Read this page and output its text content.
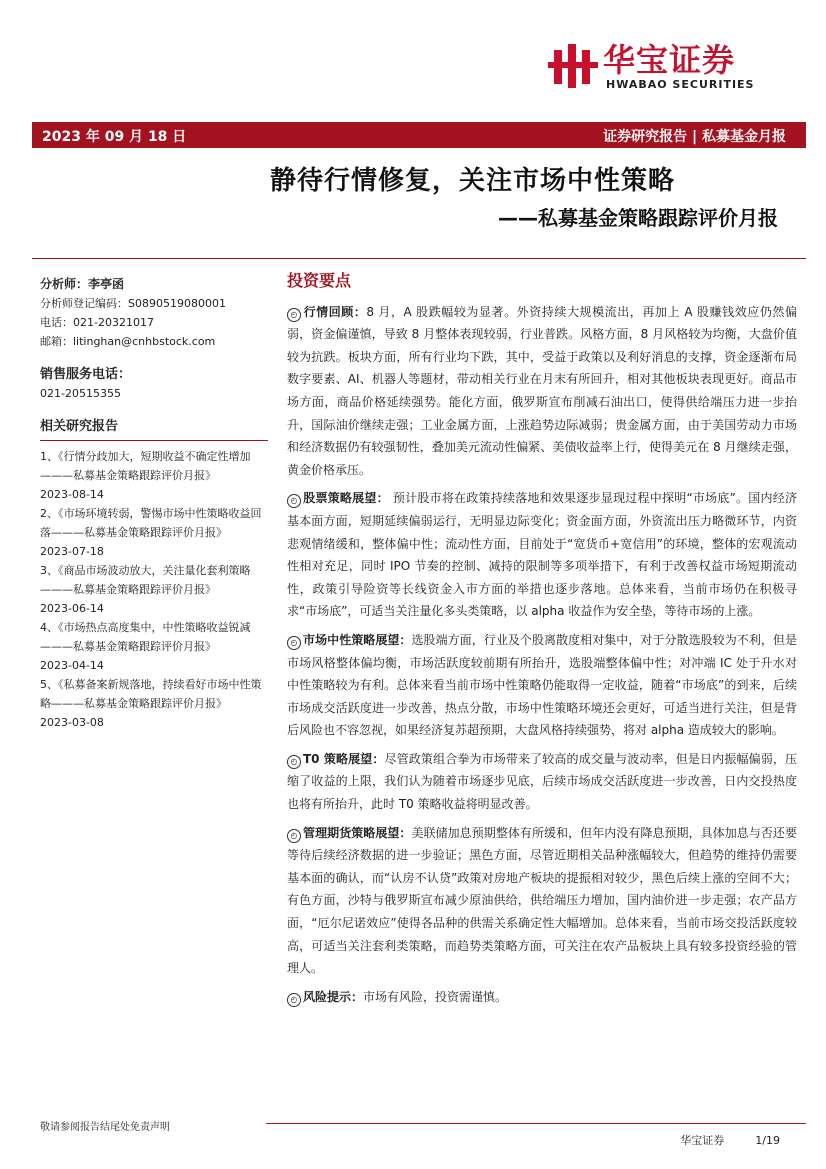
华宝证券
HWABAO SECURITIES
2023 年 09 月 18 日	证券研究报告 | 私募基金月报
静待行情修复，关注市场中性策略
——私募基金策略跟踪评价月报
分析师：李亭函
分析师登记编码：S0890519080001
电话：021-20321017
邮箱：litinghan@cnhbstock.com
销售服务电话：
021-20515355
相关研究报告
1、《行情分歧加大，短期收益不确定性增加———私募基金策略跟踪评价月报》
2023-08-14
2、《市场环境转弱，警惕市场中性策略收益回落———私募基金策略跟踪评价月报》
2023-07-18
3、《商品市场波动放大，关注量化套利策略———私募基金策略跟踪评价月报》
2023-06-14
4、《市场热点高度集中，中性策略收益锐减———私募基金策略跟踪评价月报》
2023-04-14
5、《私募备案新规落地，持续看好市场中性策略———私募基金策略跟踪评价月报》
2023-03-08
投资要点
◴ 行情回顾：8 月，A 股跌幅较为显著。外资持续大规模流出，再加上 A 股赚钱效应仍然偏弱，资金偏谨慎，导致 8 月整体表现较弱，行业普跌。风格方面，8 月风格较为均衡，大盘价值较为抗跌。板块方面，所有行业均下跌，其中，受益于政策以及利好消息的支撑，资金逐渐布局数字要素、AI、机器人等题材，带动相关行业在月末有所回升，相对其他板块表现更好。商品市场方面，商品价格延续强势。能化方面，俄罗斯宣布削减石油出口，使得供给端压力进一步抬升，国际油价继续走强；工业金属方面，上涨趋势边际减弱；贵金属方面，由于美国劳动力市场和经济数据仍有较强韧性，叠加美元流动性偏紧、美债收益率上行，使得美元在 8 月继续走强，黄金价格承压。
◴ 股票策略展望： 预计股市将在政策持续落地和效果逐步显现过程中探明“市场底”。国内经济基本面方面，短期延续偏弱运行，无明显边际变化；资金面方面，外资流出压力略微环节，内资悲观情绪缓和，整体偏中性；流动性方面，目前处于“宽货币+宽信用”的环境，整体的宏观流动性相对充足，同时 IPO 节奏的控制、减持的限制等多项举措下，有利于改善权益市场短期流动性，政策引导险资等长线资金入市方面的举措也逐步落地。总体来看，当前市场仍在积极寻求“市场底”，可适当关注量化多头类策略，以 alpha 收益作为安全垫，等待市场的上涨。
◴ 市场中性策略展望：选股端方面，行业及个股离散度相对集中，对于分散选股较为不利，但是市场风格整体偏均衡，市场活跃度较前期有所抬升，选股端整体偏中性；对冲端 IC 处于升水对中性策略较为有利。总体来看当前市场中性策略仍能取得一定收益，随着“市场底”的到来，后续市场成交活跃度进一步改善，热点分散，市场中性策略环境还会更好，可适当进行关注，但是背后风险也不容忽视，如果经济复苏超预期，大盘风格持续强势，将对 alpha 造成较大的影响。
◴ T0 策略展望：尽管政策组合拳为市场带来了较高的成交量与波动率，但是日内振幅偏弱，压缩了收益的上限，我们认为随着市场逐步见底，后续市场成交活跃度进一步改善，日内交投热度也将有所抬升，此时 T0 策略收益将明显改善。
◴ 管理期货策略展望：美联储加息预期整体有所缓和，但年内没有降息预期，具体加息与否还要等待后续经济数据的进一步验证；黑色方面，尽管近期相关品种涨幅较大，但趋势的维持仍需要基本面的确认，而“认房不认贷”政策对房地产板块的提振相对较少，黑色后续上涨的空间不大；有色方面，沙特与俄罗斯宣布减少原油供给，供给端压力增加，国内油价进一步走强；农产品方面，“厄尔尼诺效应”使得各品种的供需关系确定性大幅增加。总体来看，当前市场交投活跃度较高，可适当关注套利类策略，而趋势类策略方面，可关注在农产品板块上具有较多投资经验的管理人。
◴ 风险提示：市场有风险，投资需谨慎。
敬请参阅报告结尾处免责声明
华宝证券	1/19
